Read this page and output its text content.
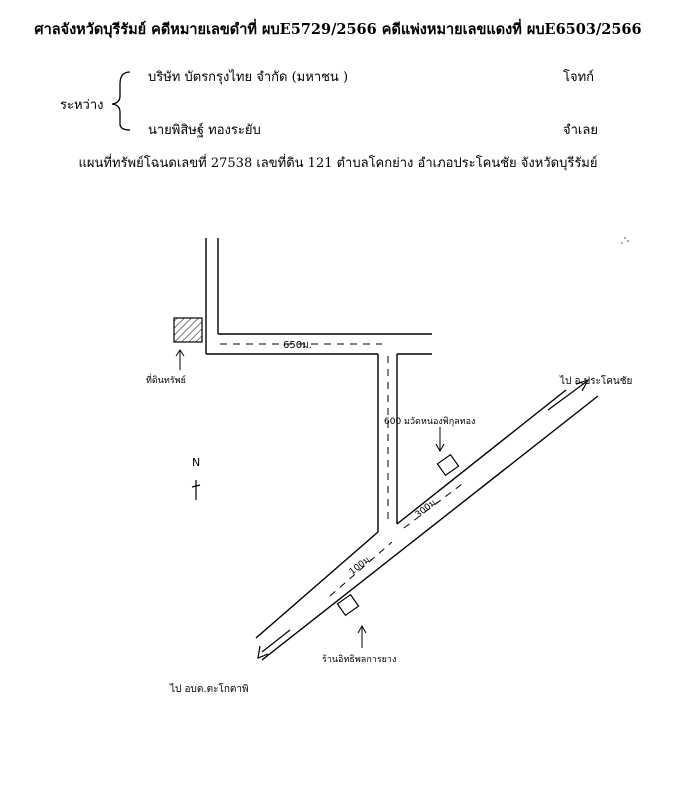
ศาลจังหวัดบุรีรัมย์ คดีหมายเลขดำที่ ผบE5729/2566 คดีแพ่งหมายเลขแดงที่ ผบE6503/2566
ระหว่าง
บริษัท บัตรกรุงไทย จำกัด (มหาชน )	โจทก์
นายพิสิษฐ์ ทองระยับ	จำเลย
แผนที่ทรัพย์โฉนดเลขที่ 27538 เลขที่ดิน 121 ตำบลโคกย่าง อำเภอประโคนชัย จังหวัดบุรีรัมย์
650ม.
ที่ดินทรัพย์
600 ม.
100ม.
300ม.
ไป อ.ประโคนชัย
ไป อบต.ตะโกตาพิ
วัดหนองพิกุลทอง
ร้านอิทธิพลการยาง
N
